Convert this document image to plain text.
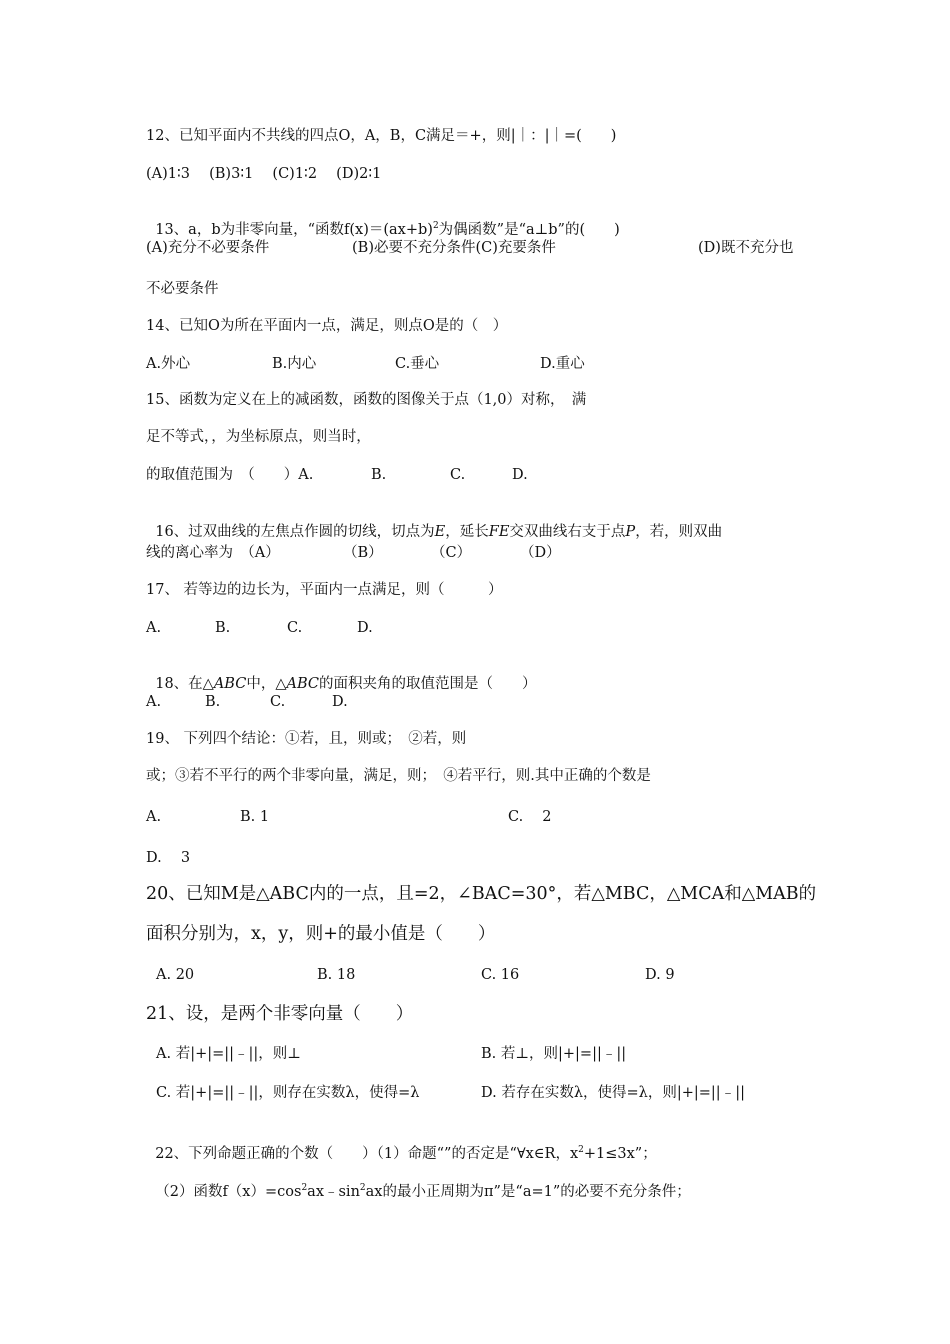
12、已知平面内不共线的四点O，A，B，C满足＝+，则|｜：|｜=(　　)
(A)1∶3　 (B)3∶1　 (C)1∶2　 (D)2∶1

13、a，b为非零向量，“函数$f(x)=(ax+b)^2$为偶函数”是“a⊥b”的(　　)

(A)充分不必要条件	(B)必要不充分条件(C)充要条件	(D)既不充分也
不必要条件
14、已知O为所在平面内一点，满足，则点O是的（　）
A.外心	B.内心	C.垂心	D.重心
15、函数为定义在上的减函数，函数的图像关于点（1,0）对称，　满
足不等式，，为坐标原点，则当时，
的取值范围为　（　　）A.	B.	C.	D.

16、过双曲线的左焦点作圆的切线，切点为E，延长FE交双曲线右支于点P，若，则双曲

线的离心率为　（A）	（B）	（C）	（D）
17、 若等边的边长为，平面内一点满足，则（　　　）
A.	B.	C.	D.

18、在△ABC中，△ABC的面积夹角的取值范围是（　　）

A.	B.	C.	D.
19、 下列四个结论：①若，且，则或；　②若，则
或；③若不平行的两个非零向量，满足，则；　④若平行，则.其中正确的个数是
A.	B. 1	C.　 2
D.　 3
20、已知M是△ABC内的一点，且=2，∠BAC=30°，若△MBC，△MCA和△MAB的
面积分别为，x，y，则+的最小值是（　　）
A. 20	B. 18	C. 16	D. 9
21、设，是两个非零向量（　　）
A. 若|+|=||﹣||，则⊥	B. 若⊥，则|+|=||﹣||
C. 若|+|=||﹣||，则存在实数λ，使得=λ	D. 若存在实数λ，使得=λ，则|+|=||﹣||

22、下列命题正确的个数（　　）（1）命题“”的否定是“∀x∈R，$x^2+1\le 3x$”；

（2）函数$f(x)=\cos^2ax﹣\sin^2ax$的最小正周期为π”是“a=1”的必要不充分条件；
